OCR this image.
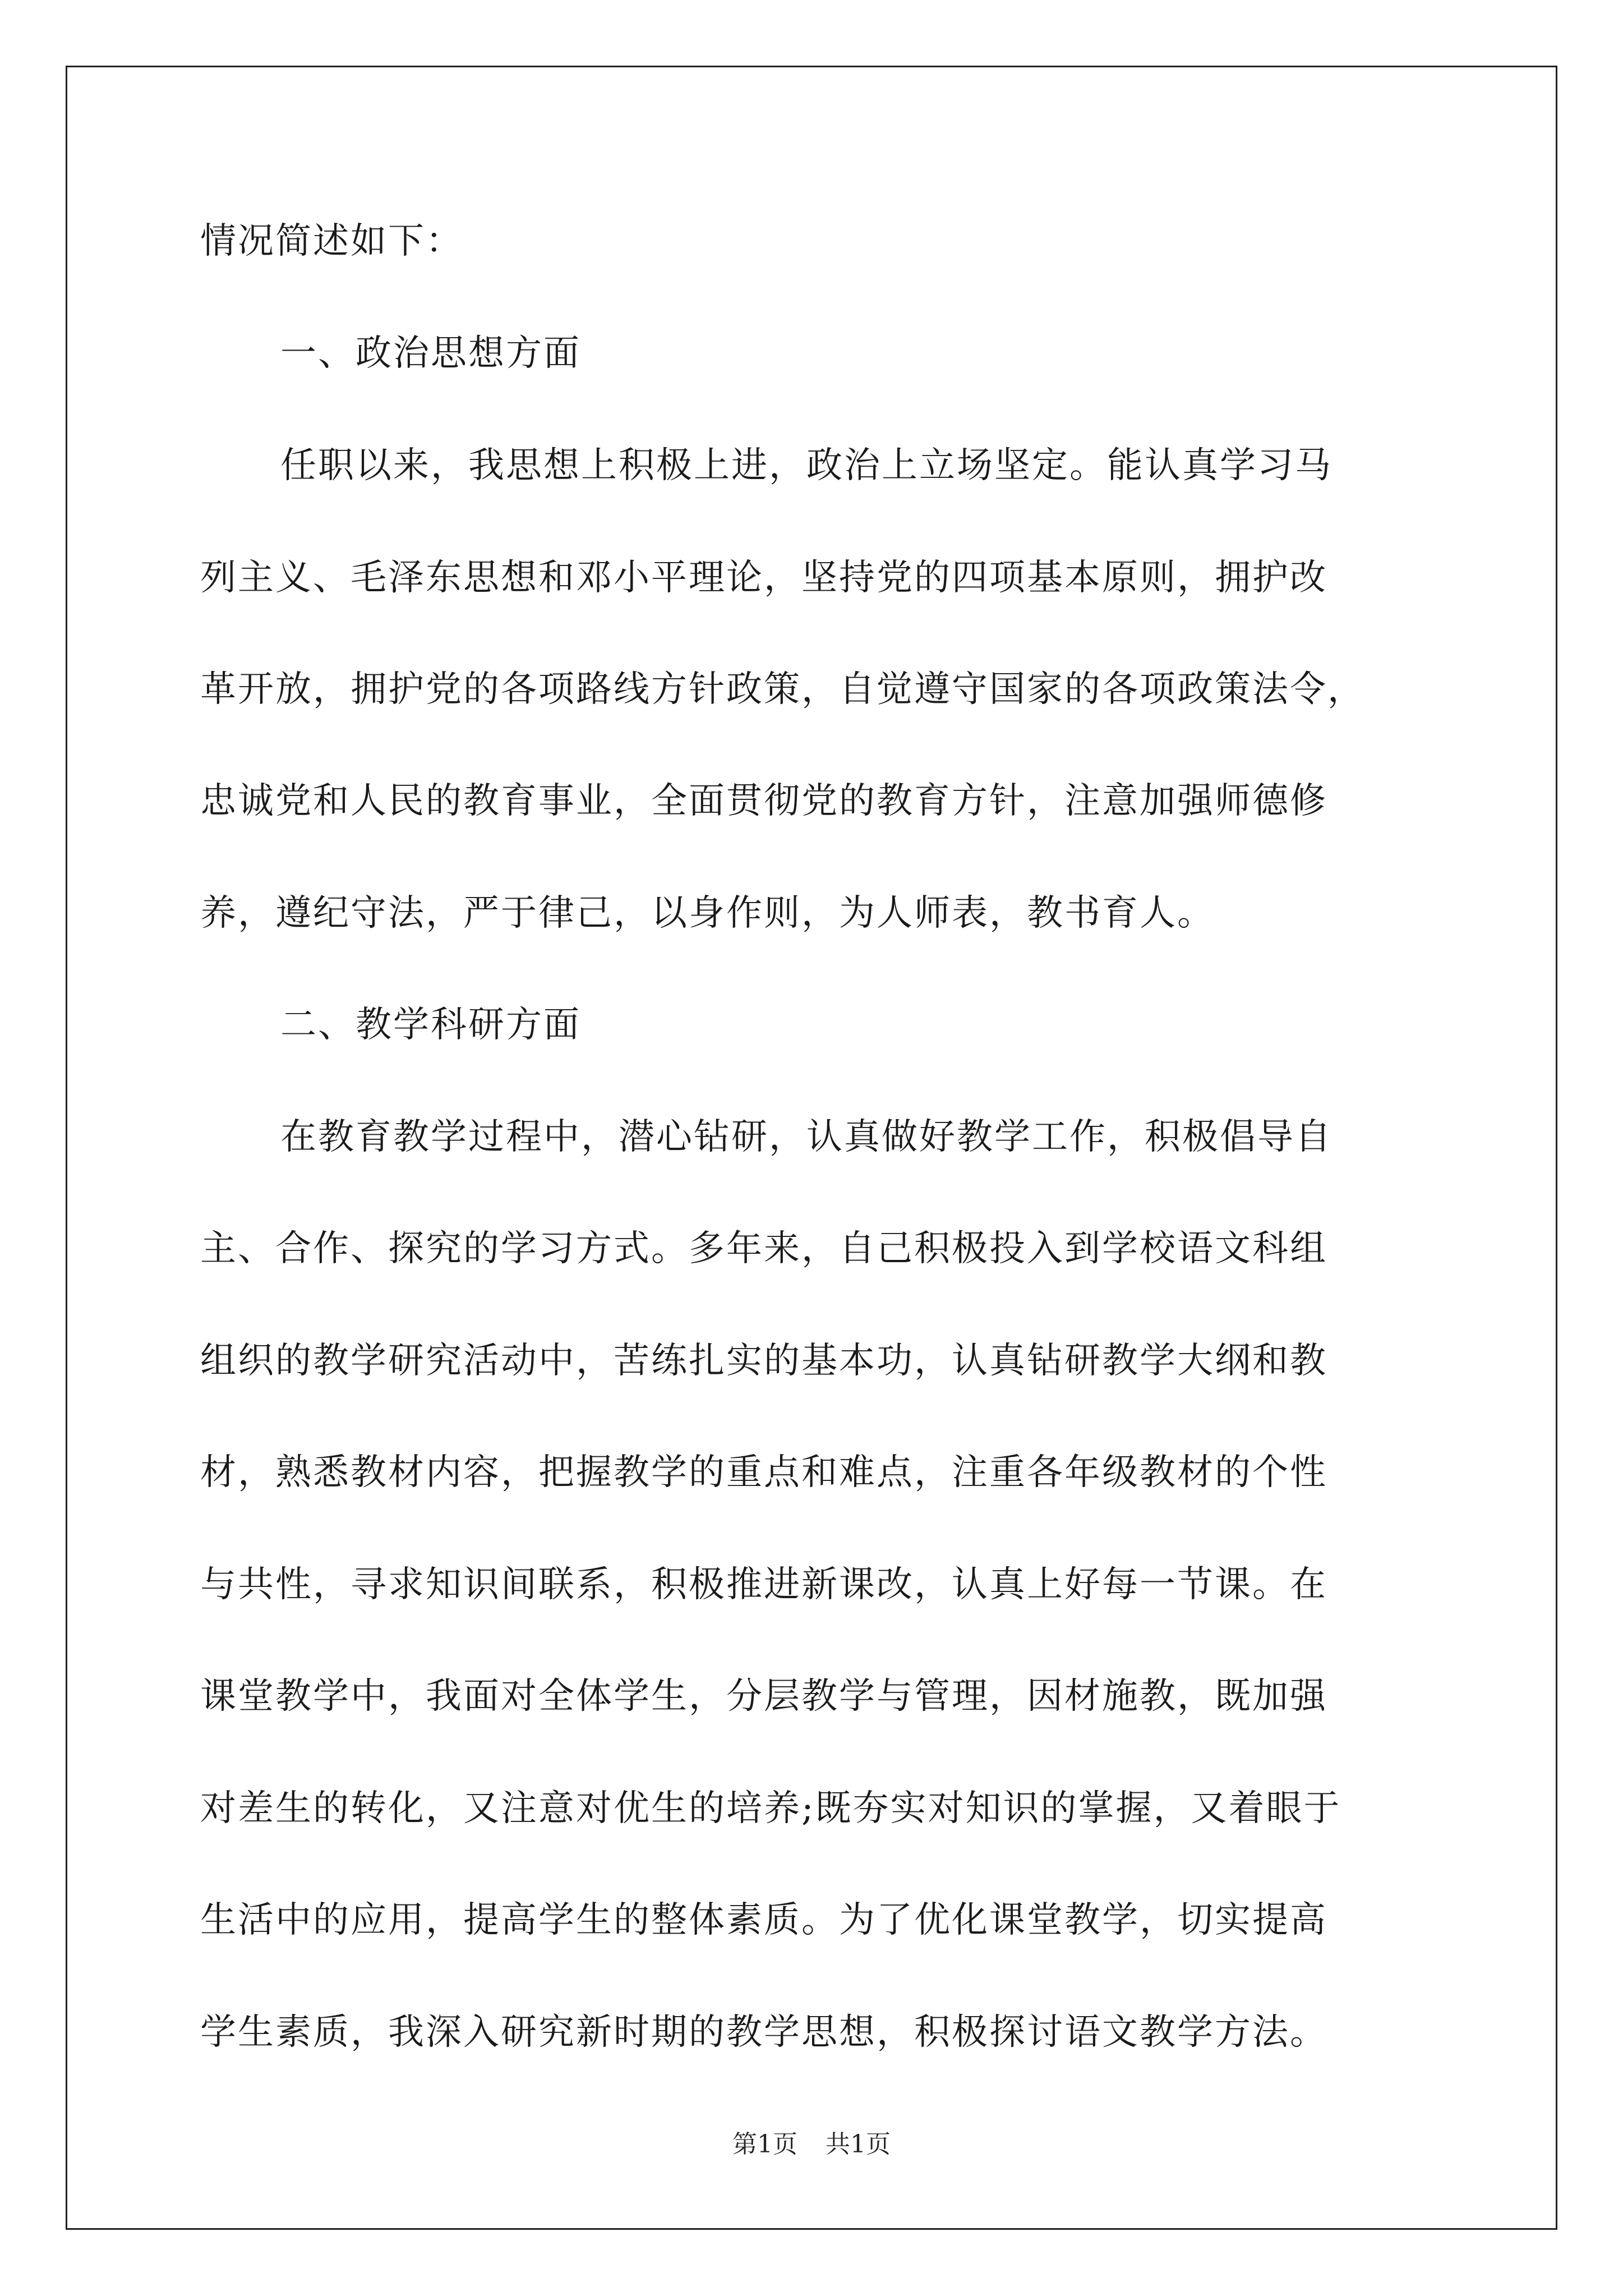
情况简述如下：
一、政治思想方面
任职以来，我思想上积极上进，政治上立场坚定。能认真学习马
列主义、毛泽东思想和邓小平理论，坚持党的四项基本原则，拥护改
革开放，拥护党的各项路线方针政策，自觉遵守国家的各项政策法令，
忠诚党和人民的教育事业，全面贯彻党的教育方针，注意加强师德修
养，遵纪守法，严于律己，以身作则，为人师表，教书育人。
二、教学科研方面
在教育教学过程中，潜心钻研，认真做好教学工作，积极倡导自
主、合作、探究的学习方式。多年来，自己积极投入到学校语文科组
组织的教学研究活动中，苦练扎实的基本功，认真钻研教学大纲和教
材，熟悉教材内容，把握教学的重点和难点，注重各年级教材的个性
与共性，寻求知识间联系，积极推进新课改，认真上好每一节课。在
课堂教学中，我面对全体学生，分层教学与管理，因材施教，既加强
对差生的转化，又注意对优生的培养;既夯实对知识的掌握，又着眼于
生活中的应用，提高学生的整体素质。为了优化课堂教学，切实提高
学生素质，我深入研究新时期的教学思想，积极探讨语文教学方法。
第1页 共1页
